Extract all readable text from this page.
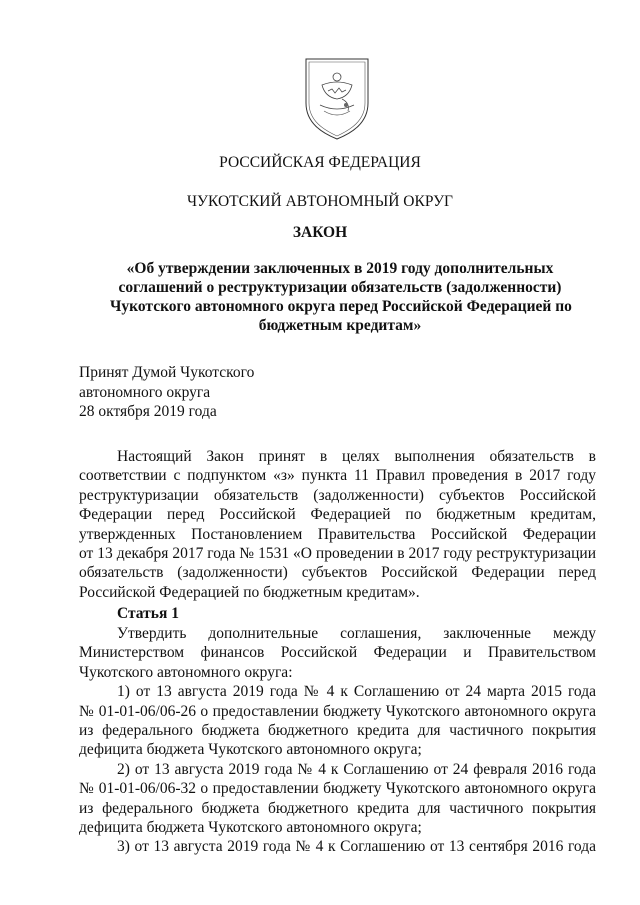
РОССИЙСКАЯ ФЕДЕРАЦИЯ
ЧУКОТСКИЙ АВТОНОМНЫЙ ОКРУГ
ЗАКОН
«Об утверждении заключенных в 2019 году дополнительных
соглашений о реструктуризации обязательств (задолженности)
Чукотского автономного округа перед Российской Федерацией по
бюджетным кредитам»
Принят Думой Чукотского
автономного округа
28 октября 2019 года
Настоящий Закон принят в целях выполнения обязательств в
соответствии с подпунктом «з» пункта 11 Правил проведения в 2017 году
реструктуризации обязательств (задолженности) субъектов Российской
Федерации перед Российской Федерацией по бюджетным кредитам,
утвержденных Постановлением Правительства Российской Федерации
от 13 декабря 2017 года № 1531 «О проведении в 2017 году реструктуризации
обязательств (задолженности) субъектов Российской Федерации перед
Российской Федерацией по бюджетным кредитам».
Статья 1
Утвердить дополнительные соглашения, заключенные между
Министерством финансов Российской Федерации и Правительством
Чукотского автономного округа:
1) от 13 августа 2019 года № 4 к Соглашению от 24 марта 2015 года
№ 01-01-06/06-26 о предоставлении бюджету Чукотского автономного округа
из федерального бюджета бюджетного кредита для частичного покрытия
дефицита бюджета Чукотского автономного округа;
2) от 13 августа 2019 года № 4 к Соглашению от 24 февраля 2016 года
№ 01-01-06/06-32 о предоставлении бюджету Чукотского автономного округа
из федерального бюджета бюджетного кредита для частичного покрытия
дефицита бюджета Чукотского автономного округа;
3) от 13 августа 2019 года № 4 к Соглашению от 13 сентября 2016 года
